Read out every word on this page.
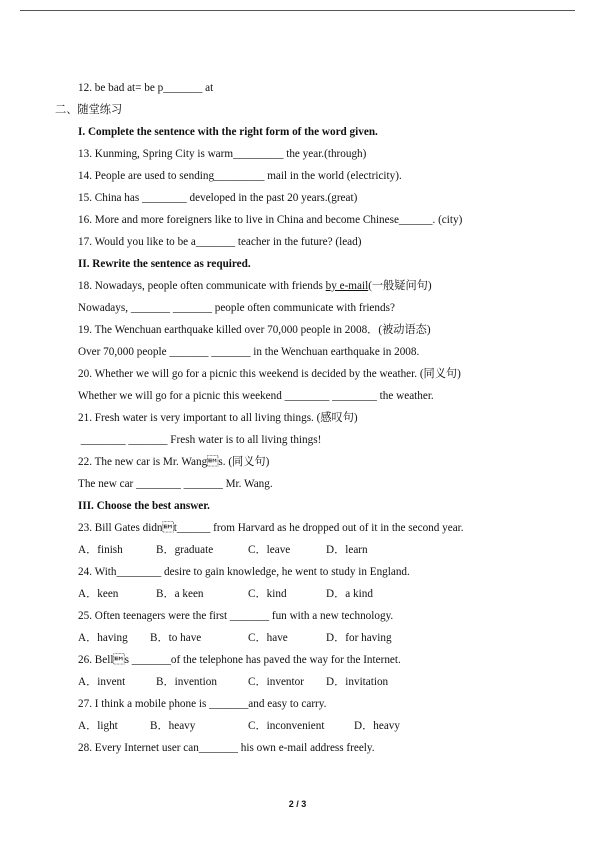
12. be bad at= be p_______ at
二、随堂练习
I. Complete the sentence with the right form of the word given.
13. Kunming, Spring City is warm_________ the year.(through)
14. People are used to sending_________ mail in the world (electricity).
15. China has ________ developed in the past 20 years.(great)
16. More and more foreigners like to live in China and become Chinese______. (city)
17. Would you like to be a_______ teacher in the future? (lead)
II. Rewrite the sentence as required.
18. Nowadays, people often communicate with friends by e-mail(一般疑问句)
Nowadays, _______ _______ people often communicate with friends?
19. The Wenchuan earthquake killed over 70,000 people in 2008．(被动语态)
Over 70,000 people _______ _______ in the Wenchuan earthquake in 2008.
20. Whether we will go for a picnic this weekend is decided by the weather. (同义句)
Whether we will go for a picnic this weekend ________ ________ the weather.
21. Fresh water is very important to all living things. (感叹句)
________ _______ Fresh water is to all living things!
22. The new car is Mr. Wangs. (同义句)
The new car ________ _______ Mr. Wang.
III. Choose the best answer.
23. Bill Gates didnt______ from Harvard as he dropped out of it in the second year.
A．finish	B．graduate	C．leave	D．learn
24. With________ desire to gain knowledge, he went to study in England.
A．keen	B．a keen	C．kind	D．a kind
25. Often teenagers were the first _______ fun with a new technology.
A．having B．to have	C．have	D．for having
26. Bells _______of the telephone has paved the way for the Internet.
A．invent	B．invention	C．inventor D．invitation
27. I think a mobile phone is _______and easy to carry.
A．light	B．heavy	C．inconvenient	D．heavy
28. Every Internet user can_______ his own e-mail address freely.
2 / 3
